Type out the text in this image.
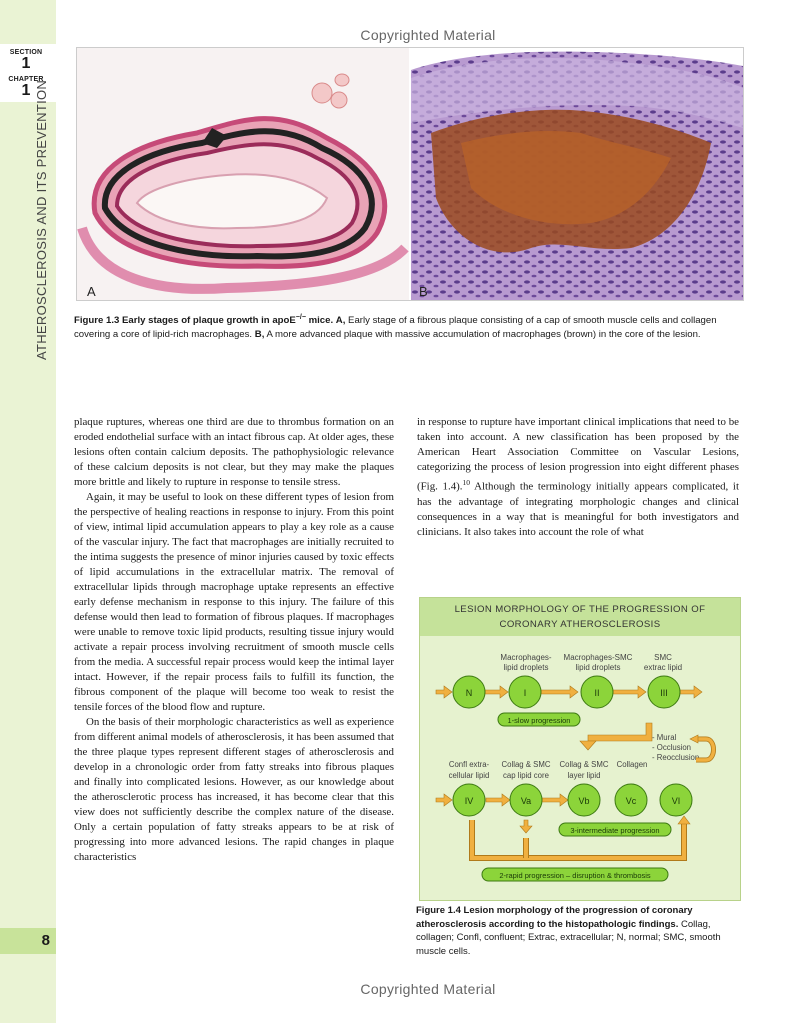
SECTION
1
CHAPTER
1 ATHEROSCLEROSIS AND ITS PREVENTION
8
Copyrighted Material
Copyrighted Material
A	B
Figure 1.3 Early stages of plaque growth in apoE−/− mice. A, Early stage of a fibrous plaque consisting of a cap of smooth muscle cells and collagen covering a core of lipid-rich macrophages. B, A more advanced plaque with massive accumulation of macrophages (brown) in the core of the lesion.

plaque ruptures, whereas one third are due to thrombus formation on an eroded endothelial surface with an intact fibrous cap. At older ages, these lesions often contain calcium deposits. The pathophysiologic relevance of these calcium deposits is not clear, but they may make the plaques more brittle and likely to rupture in response to tensile stress.

Again, it may be useful to look on these different types of lesion from the perspective of healing reactions in response to injury. From this point of view, intimal lipid accumulation appears to play a key role as a cause of the vascular injury. The fact that macrophages are initially recruited to the intima suggests the presence of minor injuries caused by toxic effects of lipid accumulations in the extracellular matrix. The removal of extracellular lipids through macrophage uptake represents an effective early defense mechanism in response to this injury. The failure of this defense would then lead to formation of fibrous plaques. If macrophages were unable to remove toxic lipid products, resulting tissue injury would activate a repair process involving recruitment of smooth muscle cells from the media. A successful repair process would keep the intimal layer intact. However, if the repair process fails to fulfill its function, the fibrous component of the plaque will become too weak to resist the tensile forces of the blood flow and rupture.

On the basis of their morphologic characteristics as well as experience from different animal models of atherosclerosis, it has been assumed that the three plaque types represent different stages of atherosclerosis and develop in a chronologic order from fatty streaks into fibrous plaques and finally into complicated lesions. However, as our knowledge about the atherosclerotic process has increased, it has become clear that this view does not sufficiently describe the complex nature of the disease. Only a certain population of fatty streaks appears to be at risk of progressing into more advanced lesions. The rapid changes in plaque characteristics

in response to rupture have important clinical implications that need to be taken into account. A new classification has been proposed by the American Heart Association Committee on Vascular Lesions, categorizing the process of lesion progression into eight different phases (Fig. 1.4).$^{10}$ Although the terminology initially appears complicated, it has the advantage of integrating morphologic changes and clinical consequences in a way that is meaningful for both investigators and clinicians. It also takes into account the role of what

LESION MORPHOLOGY OF THE PROGRESSION OF
CORONARY ATHEROSCLEROSIS
Macrophages-
lipid droplets
Macrophages-SMC
lipid droplets
SMC
extrac lipid
N	I	II	III
1-slow progression
- Mural
- Occlusion
- Reocclusion
Confl extra-
cellular lipid
Collag & SMC
cap lipid core
Collag & SMC
layer lipid
Collagen
IV	Va	Vb	Vc	VI
3-intermediate progression
2-rapid progression – disruption & thrombosis
Figure 1.4 Lesion morphology of the progression of coronary atherosclerosis according to the histopathologic findings. Collag, collagen; Confl, confluent; Extrac, extracellular; N, normal; SMC, smooth muscle cells.
